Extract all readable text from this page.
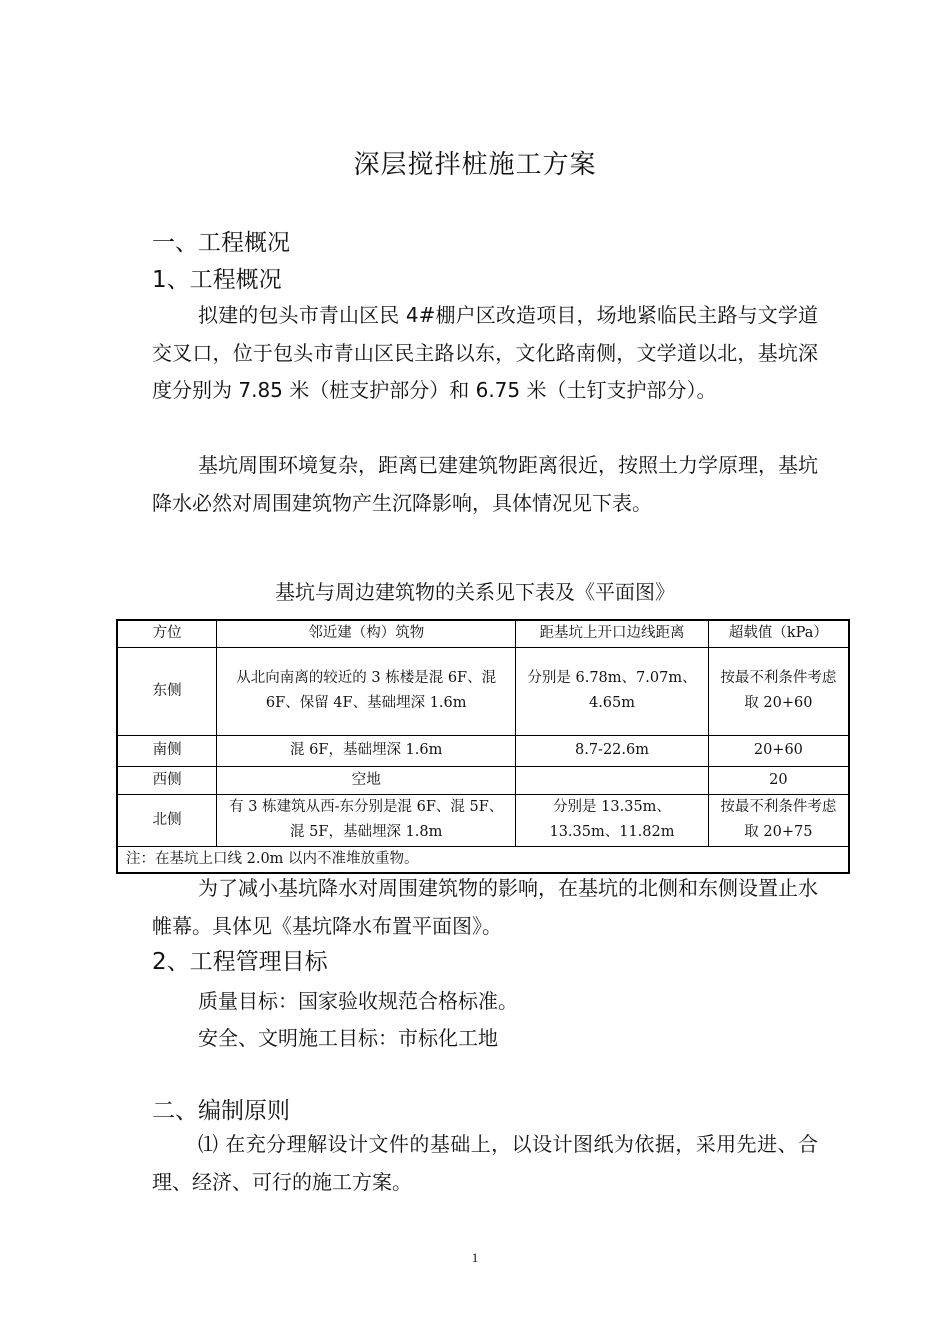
深层搅拌桩施工方案
一、工程概况
1、工程概况
拟建的包头市青山区民 4#棚户区改造项目，场地紧临民主路与文学道交叉口，位于包头市青山区民主路以东，文化路南侧，文学道以北，基坑深度分别为 7.85 米（桩支护部分）和 6.75 米（土钉支护部分）。
基坑周围环境复杂，距离已建建筑物距离很近，按照土力学原理，基坑降水必然对周围建筑物产生沉降影响，具体情况见下表。
基坑与周边建筑物的关系见下表及《平面图》
方位	邻近建（构）筑物	距基坑上开口边线距离	超载值（kPa）
东侧	从北向南离的较近的 3 栋楼是混 6F、混 6F、保留 4F、基础埋深 1.6m	分别是 6.78m、7.07m、4.65m	按最不利条件考虑取 20+60
南侧	混 6F，基础埋深 1.6m	8.7-22.6m	20+60
西侧	空地		20
北侧	有 3 栋建筑从西-东分别是混 6F、混 5F、混 5F，基础埋深 1.8m	分别是 13.35m、13.35m、11.82m	按最不利条件考虑取 20+75
注：在基坑上口线 2.0m 以内不准堆放重物。			
为了减小基坑降水对周围建筑物的影响，在基坑的北侧和东侧设置止水帷幕。具体见《基坑降水布置平面图》。
2、工程管理目标
质量目标：国家验收规范合格标准。
安全、文明施工目标：市标化工地
二、编制原则
⑴ 在充分理解设计文件的基础上，以设计图纸为依据，采用先进、合理、经济、可行的施工方案。
1
